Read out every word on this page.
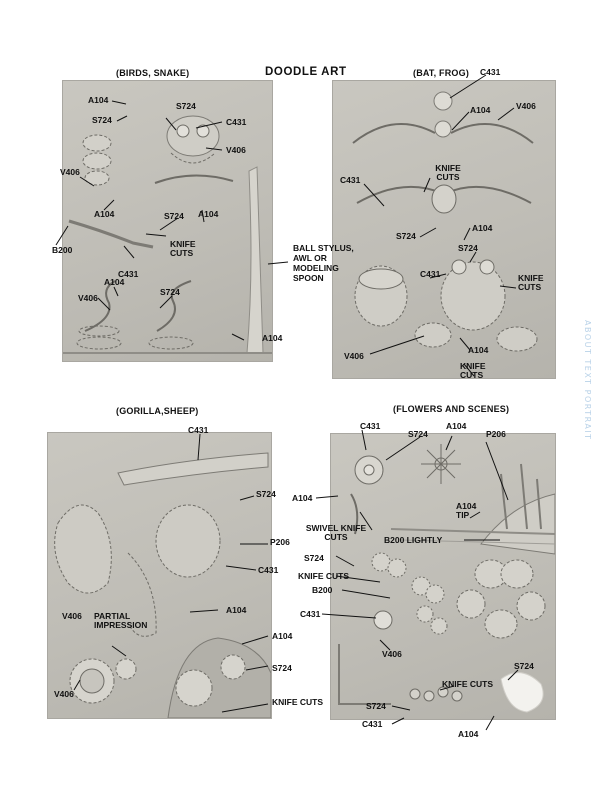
(BIRDS, SNAKE)	DOODLE ART	(BAT, FROG)
(GORILLA,SHEEP)	(FLOWERS AND SCENES)
A104
S724
S724
C431
V406
V406
A104	S724 A104
B200
KNIFE CUTS
C431
BALL STYLUS, AWL OR MODELING SPOON
A104
S724
V406
A104
C431
A104	V406
KNIFE CUTS
C431
S724
A104
S724
C431	KNIFE CUTS
V406
A104
KNIFE CUTS
C431
S724
P206
C431
A104
V406 PARTIAL IMPRESSION
A104
S724
KNIFE CUTS
V406
C431
S724
A104
P206
A104
A104 TIP
SWIVEL KNIFE CUTS	B200 LIGHTLY
S724
KNIFE CUTS
B200
C431
V406
S724
KNIFE CUTS
S724
C431
A104
ABOUT TEXT PORTRAIT
